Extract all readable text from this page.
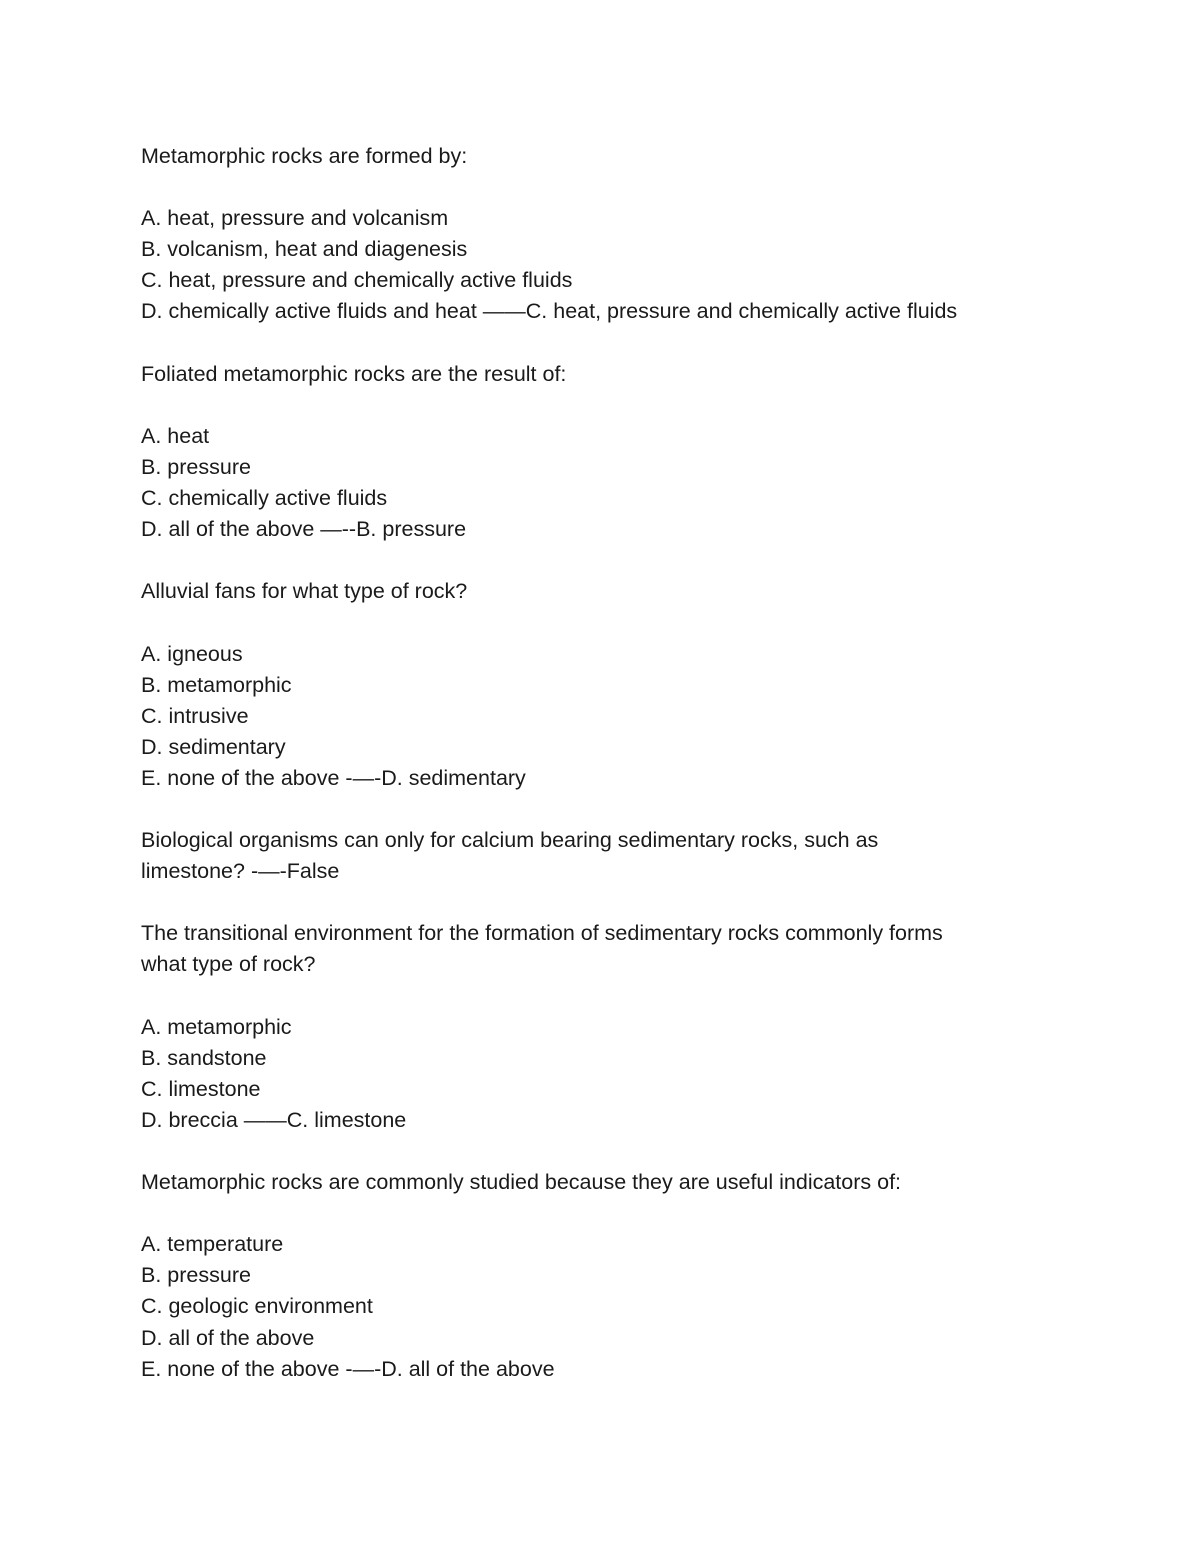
Metamorphic rocks are formed by:
A. heat, pressure and volcanism
B. volcanism, heat and diagenesis
C. heat, pressure and chemically active fluids
D. chemically active fluids and heat ——C. heat, pressure and chemically active fluids
Foliated metamorphic rocks are the result of:
A. heat
B. pressure
C. chemically active fluids
D. all of the above —--B. pressure
Alluvial fans for what type of rock?
A. igneous
B. metamorphic
C. intrusive
D. sedimentary
E. none of the above -—-D. sedimentary
Biological organisms can only for calcium bearing sedimentary rocks, such as
limestone? -—-False
The transitional environment for the formation of sedimentary rocks commonly forms
what type of rock?
A. metamorphic
B. sandstone
C. limestone
D. breccia ——C. limestone
Metamorphic rocks are commonly studied because they are useful indicators of:
A. temperature
B. pressure
C. geologic environment
D. all of the above
E. none of the above -—-D. all of the above
